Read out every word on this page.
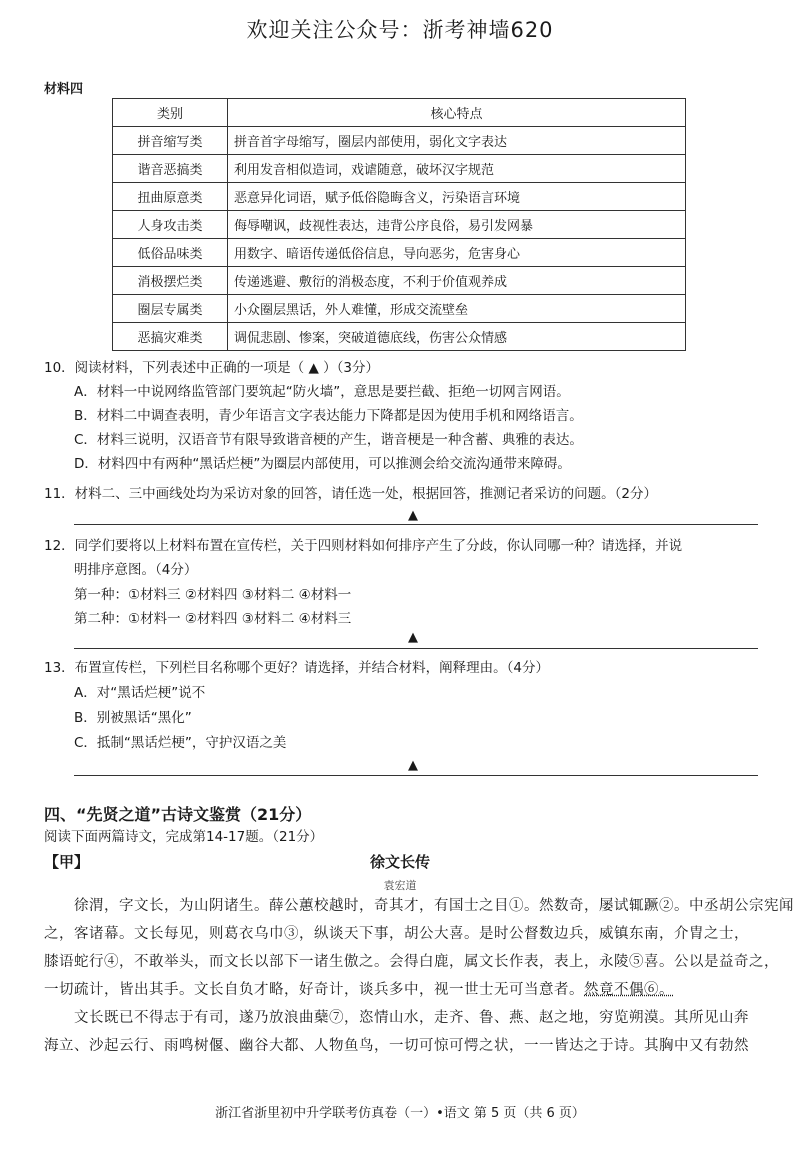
欢迎关注公众号：浙考神墙620
材料四
类别	核心特点
拼音缩写类	拼音首字母缩写，圈层内部使用，弱化文字表达
谐音恶搞类	利用发音相似造词，戏谑随意，破坏汉字规范
扭曲原意类	恶意异化词语，赋予低俗隐晦含义，污染语言环境
人身攻击类	侮辱嘲讽，歧视性表达，违背公序良俗，易引发网暴
低俗品味类	用数字、暗语传递低俗信息，导向恶劣，危害身心
消极摆烂类	传递逃避、敷衍的消极态度，不利于价值观养成
圈层专属类	小众圈层黑话，外人难懂，形成交流壁垒
恶搞灾难类	调侃悲剧、惨案，突破道德底线，伤害公众情感
10．阅读材料，下列表述中正确的一项是（ ▲ ）（3分）
A．材料一中说网络监管部门要筑起“防火墙”，意思是要拦截、拒绝一切网言网语。
B．材料二中调查表明，青少年语言文字表达能力下降都是因为使用手机和网络语言。
C．材料三说明，汉语音节有限导致谐音梗的产生，谐音梗是一种含蓄、典雅的表达。
D．材料四中有两种“黑话烂梗”为圈层内部使用，可以推测会给交流沟通带来障碍。
11．材料二、三中画线处均为采访对象的回答，请任选一处，根据回答，推测记者采访的问题。（2分）
▲
12．同学们要将以上材料布置在宣传栏，关于四则材料如何排序产生了分歧，你认同哪一种？请选择，并说
明排序意图。（4分）
第一种：①材料三 ②材料四 ③材料二 ④材料一
第二种：①材料一 ②材料四 ③材料二 ④材料三
▲
13．布置宣传栏，下列栏目名称哪个更好？请选择，并结合材料，阐释理由。（4分）
A．对“黑话烂梗”说不
B．别被黑话“黑化”
C．抵制“黑话烂梗”，守护汉语之美
▲
四、“先贤之道”古诗文鉴赏（21分）
阅读下面两篇诗文，完成第14-17题。（21分）
【甲】	徐文长传
袁宏道
徐渭，字文长，为山阴诸生。薛公蕙校越时，奇其才，有国士之目①。然数奇，屡试辄蹶②。中丞胡公宗宪闻
之，客诸幕。文长每见，则葛衣乌巾③，纵谈天下事，胡公大喜。是时公督数边兵，威镇东南，介胄之士，
膝语蛇行④，不敢举头，而文长以部下一诸生傲之。会得白鹿，属文长作表，表上，永陵⑤喜。公以是益奇之，
一切疏计，皆出其手。文长自负才略，好奇计，谈兵多中，视一世士无可当意者。然竟不偶⑥。
文长既已不得志于有司，遂乃放浪曲蘖⑦，恣情山水，走齐、鲁、燕、赵之地，穷览朔漠。其所见山奔
海立、沙起云行、雨鸣树偃、幽谷大都、人物鱼鸟，一切可惊可愕之状，一一皆达之于诗。其胸中又有勃然
浙江省浙里初中升学联考仿真卷（一）•语文 第 5 页（共 6 页）
